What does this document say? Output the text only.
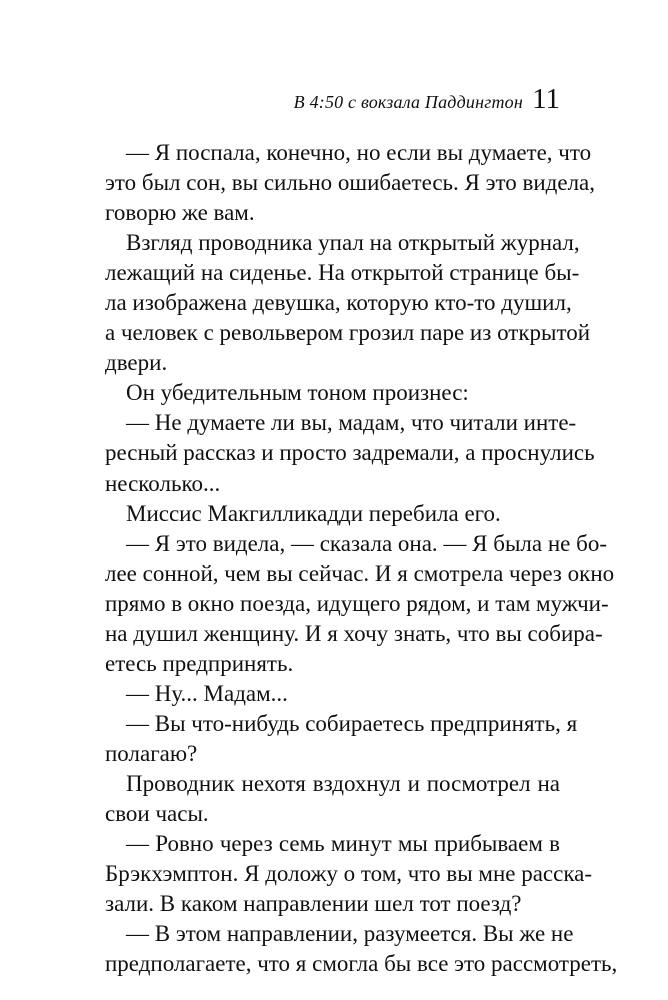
В 4:50 с вокзала Паддингтон 11
— Я поспала, конечно, но если вы думаете, что
это был сон, вы сильно ошибаетесь. Я это видела,
говорю же вам.
Взгляд проводника упал на открытый журнал,
лежащий на сиденье. На открытой странице бы-
ла изображена девушка, которую кто-то душил,
а человек с револьвером грозил паре из открытой
двери.
Он убедительным тоном произнес:
— Не думаете ли вы, мадам, что читали инте-
ресный рассказ и просто задремали, а проснулись
несколько...
Миссис Макгилликадди перебила его.
— Я это видела, — сказала она. — Я была не бо-
лее сонной, чем вы сейчас. И я смотрела через окно
прямо в окно поезда, идущего рядом, и там мужчи-
на душил женщину. И я хочу знать, что вы собира-
етесь предпринять.
— Ну... Мадам...
— Вы что-нибудь собираетесь предпринять, я
полагаю?
Проводник нехотя вздохнул и посмотрел на
свои часы.
— Ровно через семь минут мы прибываем в
Брэкхэмптон. Я доложу о том, что вы мне расска-
зали. В каком направлении шел тот поезд?
— В этом направлении, разумеется. Вы же не
предполагаете, что я смогла бы все это рассмотреть,
